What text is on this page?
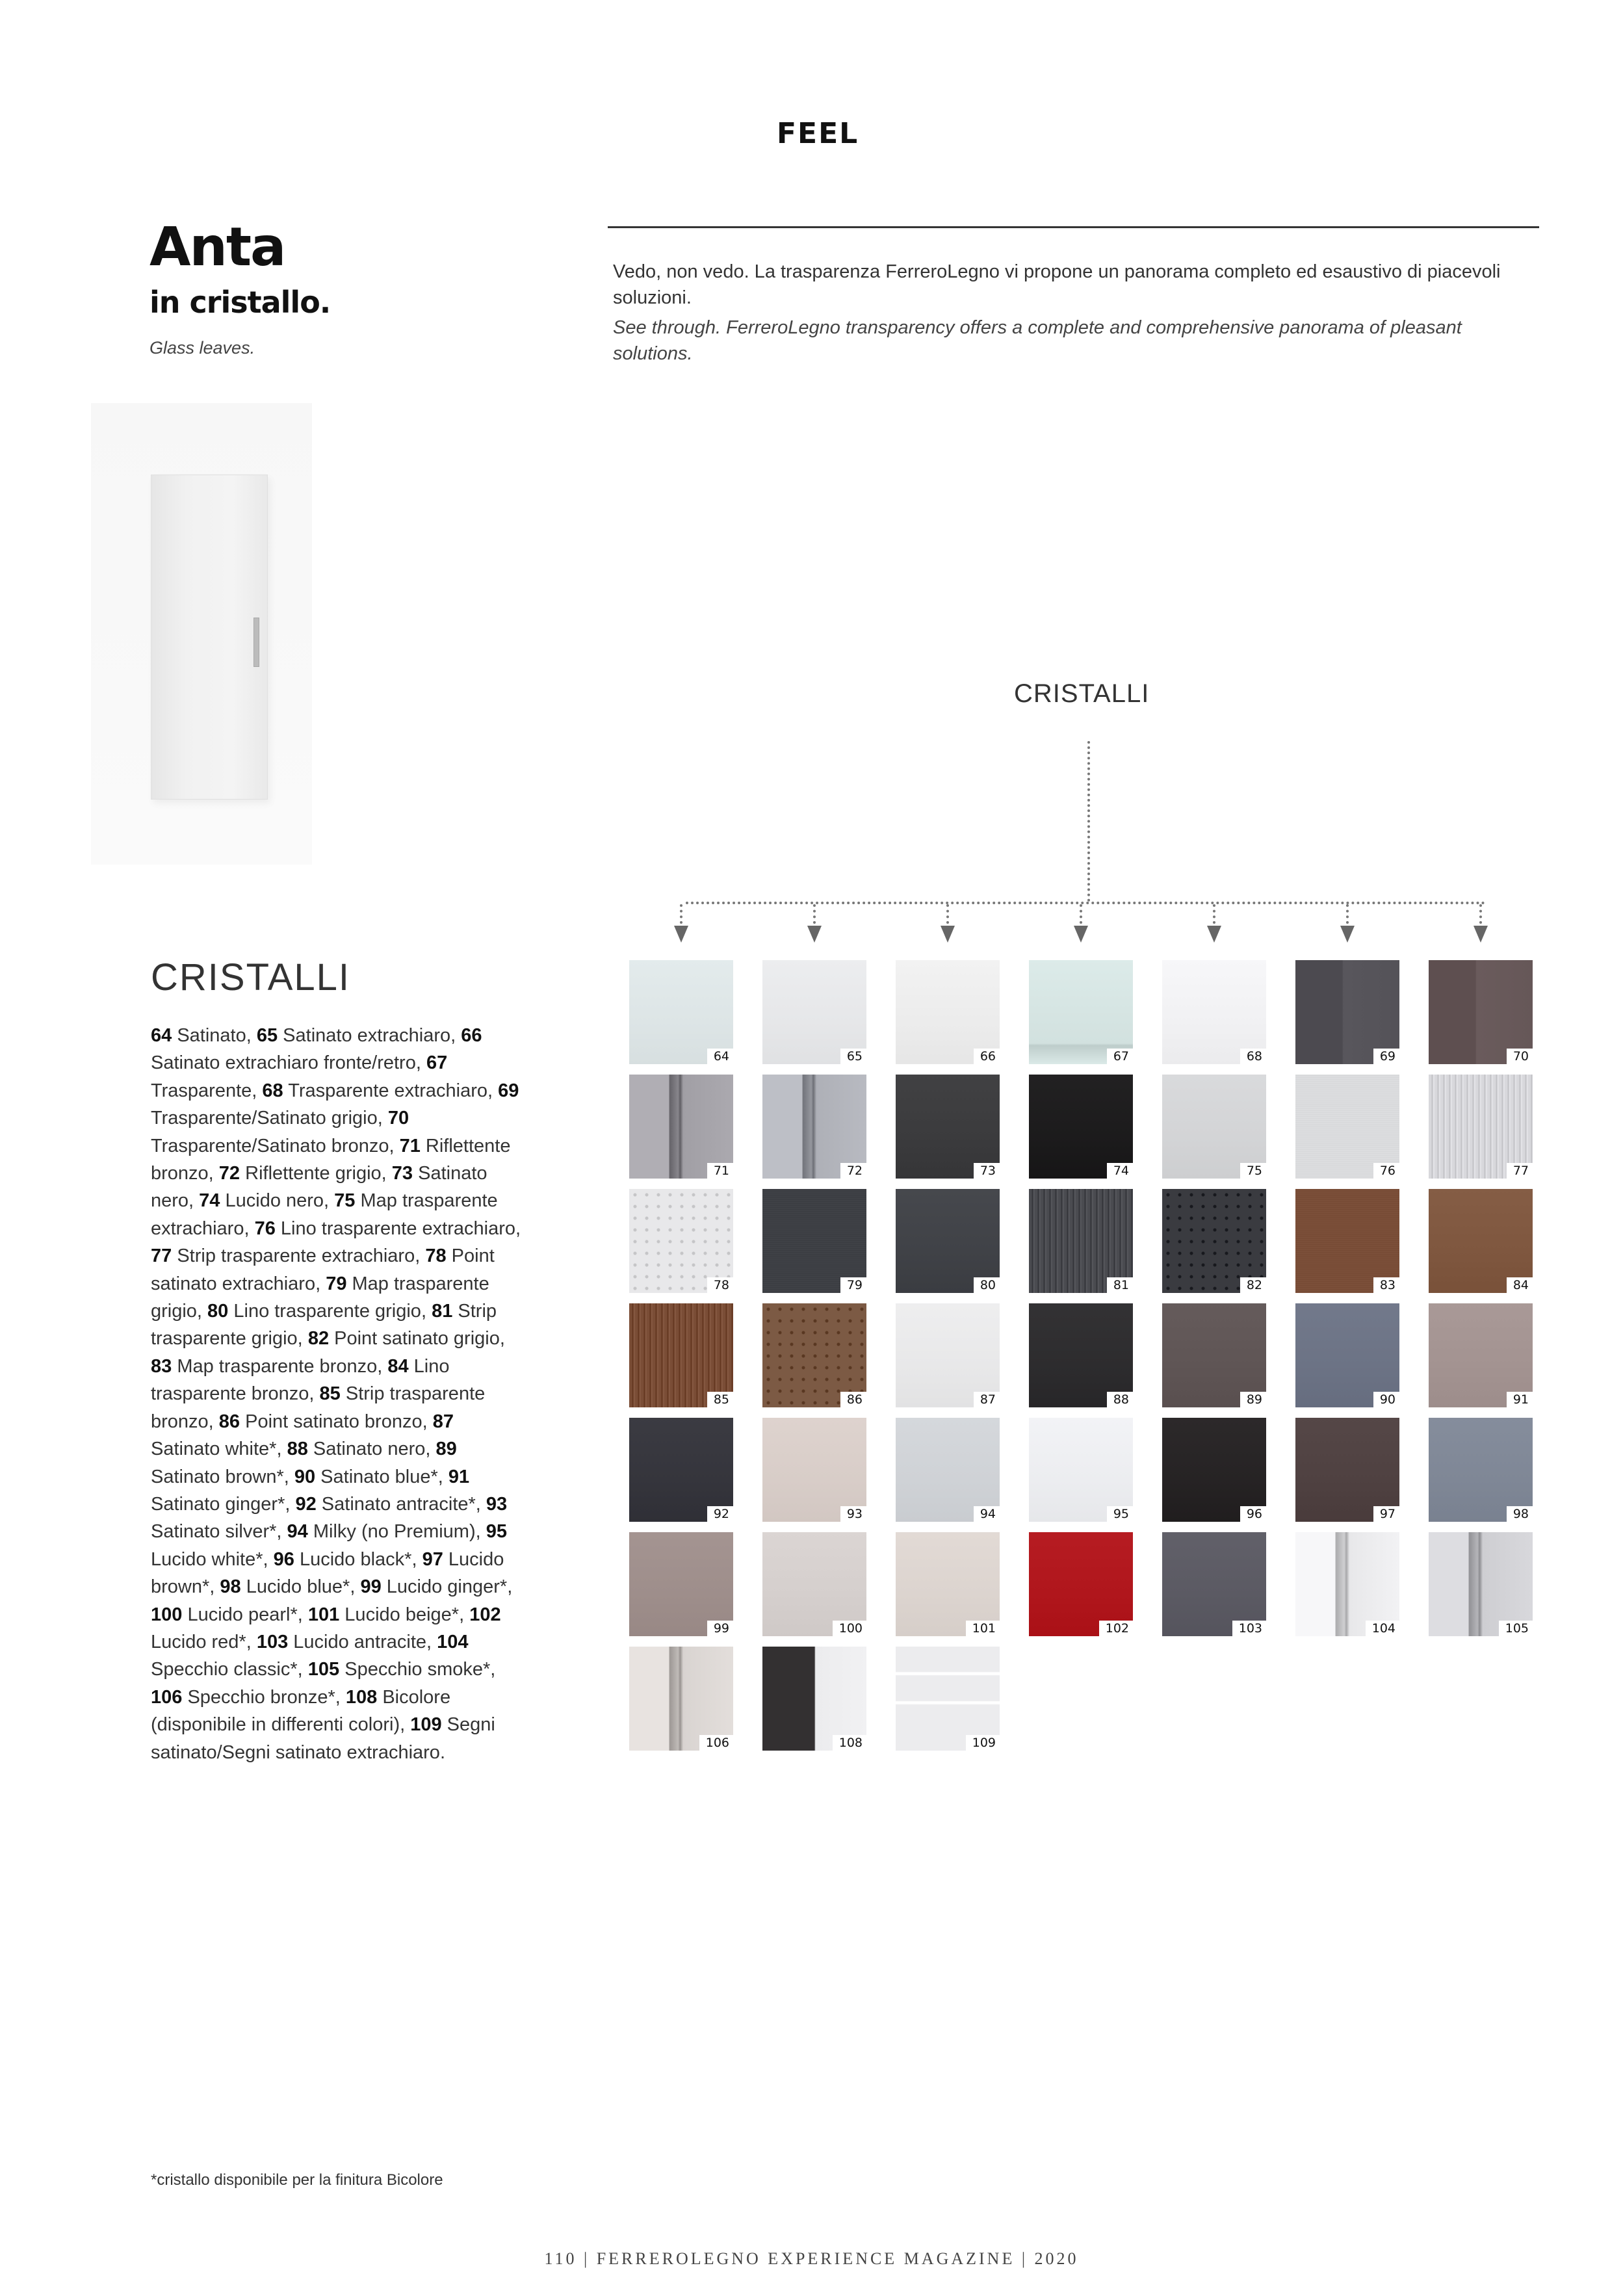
FEEL
Anta
in cristallo.

Glass leaves.

Vedo, non vedo. La trasparenza FerreroLegno vi propone un panorama completo ed esaustivo di piacevoli soluzioni.

See through. FerreroLegno transparency offers a complete and comprehensive panorama of pleasant solutions.

CRISTALLI
CRISTALLI
64 Satinato, 65 Satinato extrachiaro, 66 Satinato extrachiaro fronte/retro, 67 Trasparente, 68 Trasparente extrachiaro, 69 Trasparente/Satinato grigio, 70 Trasparente/Satinato bronzo, 71 Riflettente bronzo, 72 Riflettente grigio, 73 Satinato nero, 74 Lucido nero, 75 Map trasparente extrachiaro, 76 Lino trasparente extrachiaro, 77 Strip trasparente extrachiaro, 78 Point satinato extrachiaro, 79 Map trasparente grigio, 80 Lino trasparente grigio, 81 Strip trasparente grigio, 82 Point satinato grigio, 83 Map trasparente bronzo, 84 Lino trasparente bronzo, 85 Strip trasparente bronzo, 86 Point satinato bronzo, 87 Satinato white*, 88 Satinato nero, 89 Satinato brown*, 90 Satinato blue*, 91 Satinato ginger*, 92 Satinato antracite*, 93 Satinato silver*, 94 Milky (no Premium), 95 Lucido white*, 96 Lucido black*, 97 Lucido brown*, 98 Lucido blue*, 99 Lucido ginger*, 100 Lucido pearl*, 101 Lucido beige*, 102 Lucido red*, 103 Lucido antracite, 104 Specchio classic*, 105 Specchio smoke*, 106 Specchio bronze*, 108 Bicolore (disponibile in differenti colori), 109 Segni satinato/Segni satinato extrachiaro.
64	65	66	67	68	69	70
71	72	73	74	75	76	77
78	79	80	81	82	83	84
85	86	87	88	89	90	91
92	93	94	95	96	97	98
99	100	101	102	103	104	105
106	108	109

*cristallo disponibile per la finitura Bicolore

110 | FERREROLEGNO EXPERIENCE MAGAZINE | 2020
